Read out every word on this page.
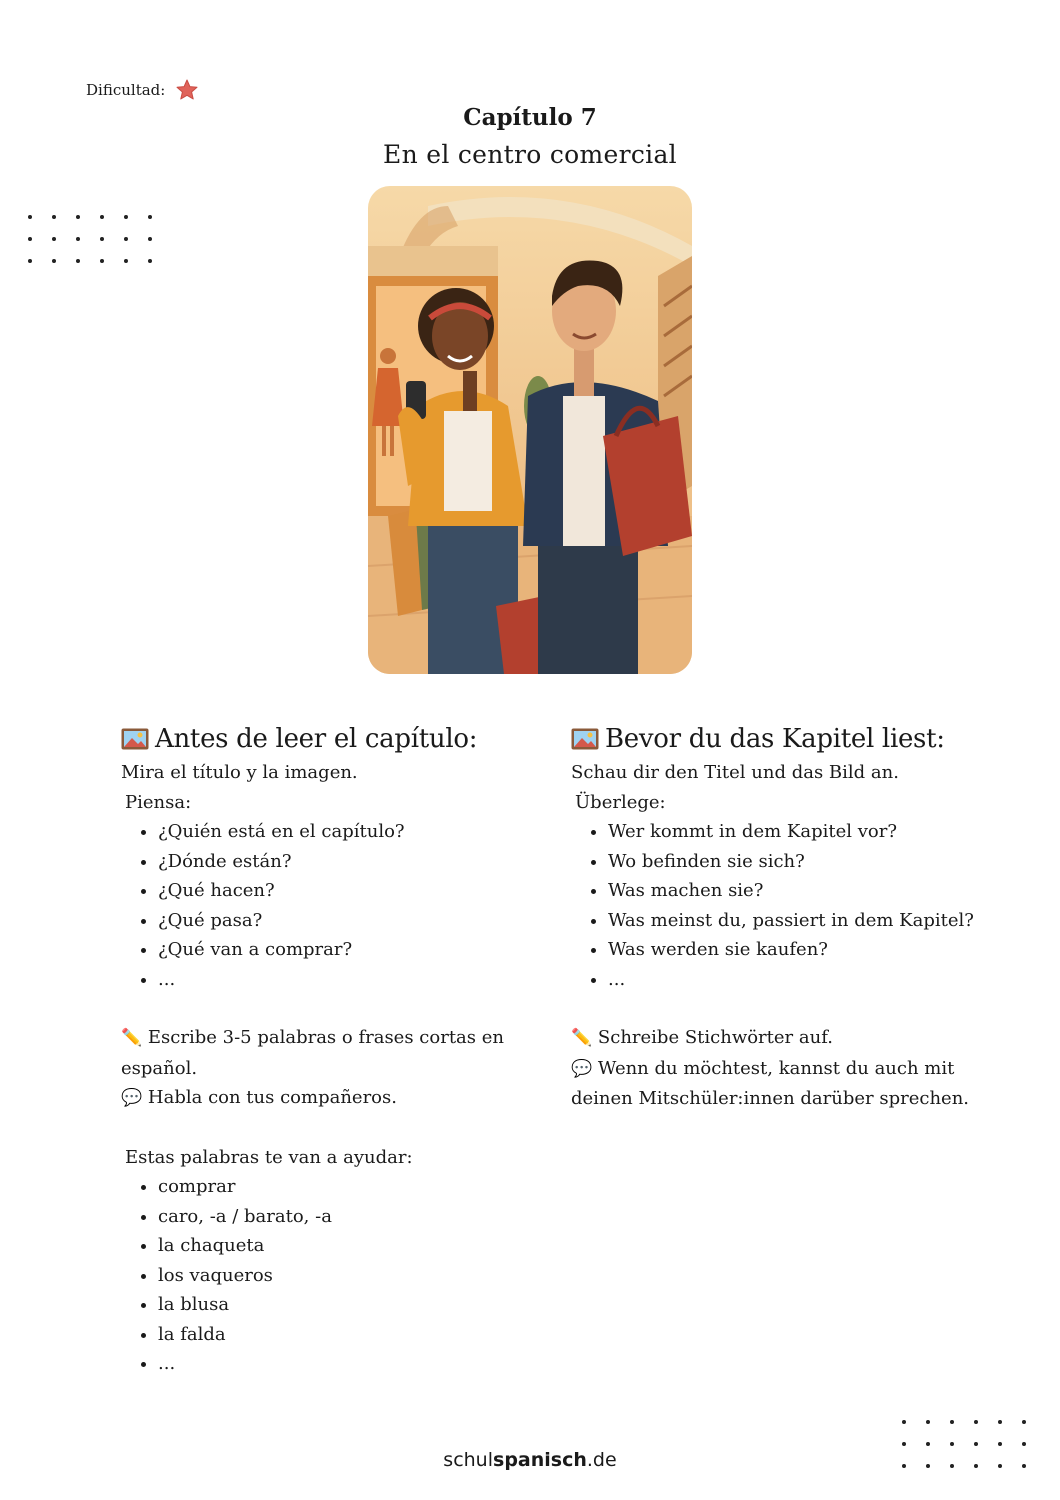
Dificultad:
Capítulo 7
En el centro comercial
Antes de leer el capítulo:
Mira el título y la imagen.
Piensa:
• ¿Quién está en el capítulo?
• ¿Dónde están?
• ¿Qué hacen?
• ¿Qué pasa?
• ¿Qué van a comprar?
• ...
✏️ Escribe 3-5 palabras o frases cortas en español.
💬 Habla con tus compañeros.
Estas palabras te van a ayudar:
• comprar
• caro, -a / barato, -a
• la chaqueta
• los vaqueros
• la blusa
• la falda
• ...
Bevor du das Kapitel liest:
Schau dir den Titel und das Bild an.
Überlege:
• Wer kommt in dem Kapitel vor?
• Wo befinden sie sich?
• Was machen sie?
• Was meinst du, passiert in dem Kapitel?
• Was werden sie kaufen?
• ...
✏️ Schreibe Stichwörter auf.
💬 Wenn du möchtest, kannst du auch mit deinen Mitschüler:innen darüber sprechen.
schulspanisch.de
